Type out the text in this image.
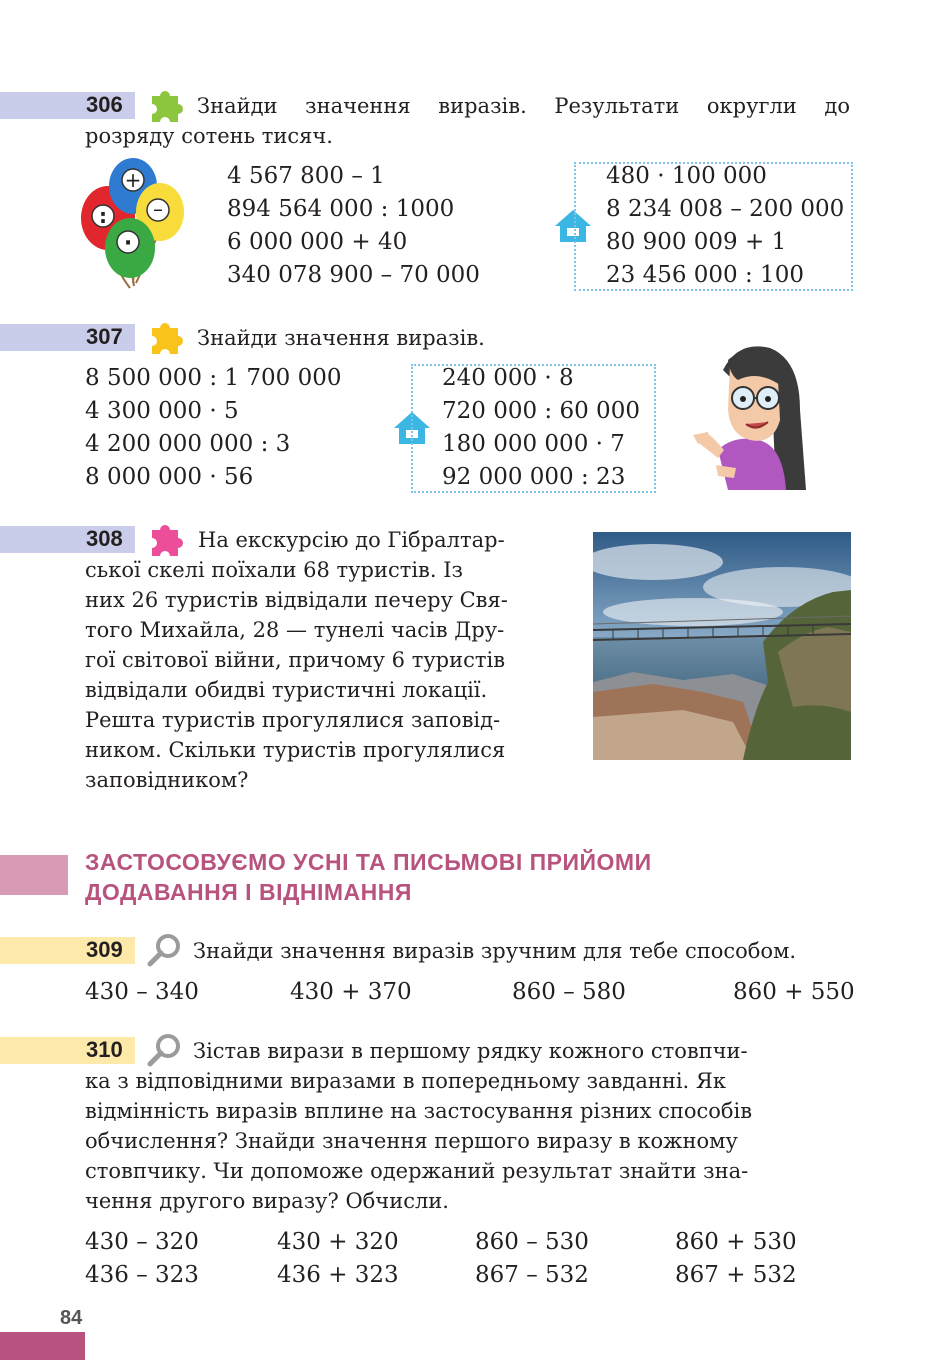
306	Знайди значення виразів. Результати округли до
розряду сотень тисяч.
+
–
:
·
4 567 800 – 1
894 564 000 : 1000
6 000 000 + 40
340 078 900 – 70 000
480 · 100 000
8 234 008 – 200 000
80 900 009 + 1
23 456 000 : 100
307	Знайди значення виразів.
8 500 000 : 1 700 000
4 300 000 · 5
4 200 000 000 : 3
8 000 000 · 56
240 000 · 8
720 000 : 60 000
180 000 000 · 7
92 000 000 : 23
308	На екскурсію до Гібралтар-
ської скелі поїхали 68 туристів. Із
них 26 туристів відвідали печеру Свя-
того Михайла, 28 — тунелі часів Дру-
гої світової війни, причому 6 туристів
відвідали обидві туристичні локації.
Решта туристів прогулялися заповід-
ником. Скільки туристів прогулялися
заповідником?
ЗАСТОСОВУЄМО УСНІ ТА ПИСЬМОВІ ПРИЙОМИ
ДОДАВАННЯ І ВІДНІМАННЯ
309	Знайди значення виразів зручним для тебе способом.
430 – 340	430 + 370	860 – 580	860 + 550
310	Зістав вирази в першому рядку кожного стовпчи-
ка з відповідними виразами в попередньому завданні. Як
відмінність виразів вплине на застосування різних способів
обчислення? Знайди значення першого виразу в кожному
стовпчику. Чи допоможе одержаний результат знайти зна-
чення другого виразу? Обчисли.
430 – 320	430 + 320	860 – 530	860 + 530
436 – 323	436 + 323	867 – 532	867 + 532
84
